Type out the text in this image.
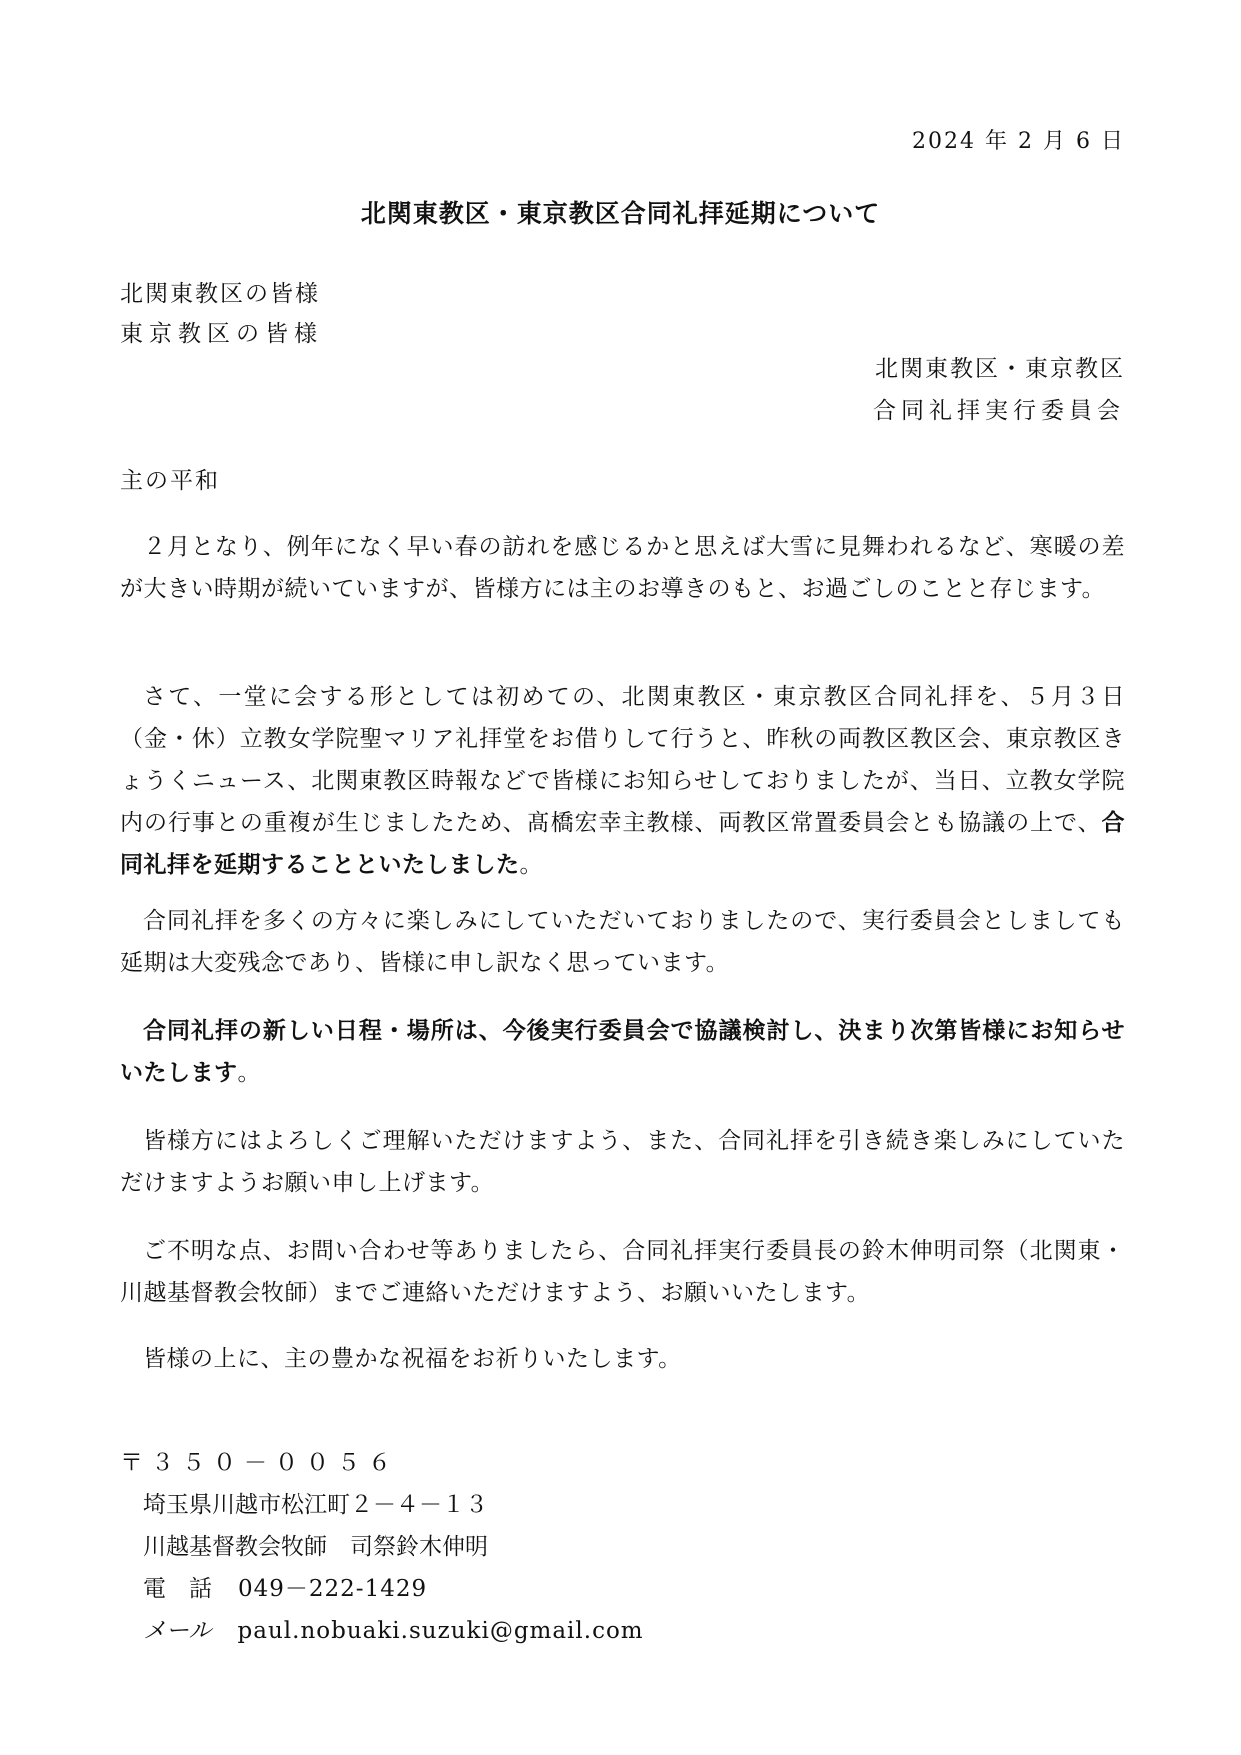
2024 年 2 月 6 日
北関東教区・東京教区合同礼拝延期について
北関東教区の皆様
東京教区の皆様
北関東教区・東京教区
合同礼拝実行委員会
主の平和
２月となり、例年になく早い春の訪れを感じるかと思えば大雪に見舞われるなど、寒暖の差が大きい時期が続いていますが、皆様方には主のお導きのもと、お過ごしのことと存じます。
さて、一堂に会する形としては初めての、北関東教区・東京教区合同礼拝を、５月３日（金・休）立教女学院聖マリア礼拝堂をお借りして行うと、昨秋の両教区教区会、東京教区きょうくニュース、北関東教区時報などで皆様にお知らせしておりましたが、当日、立教女学院内の行事との重複が生じましたため、髙橋宏幸主教様、両教区常置委員会とも協議の上で、合同礼拝を延期することといたしました。
合同礼拝を多くの方々に楽しみにしていただいておりましたので、実行委員会としましても延期は大変残念であり、皆様に申し訳なく思っています。
合同礼拝の新しい日程・場所は、今後実行委員会で協議検討し、決まり次第皆様にお知らせいたします。
皆様方にはよろしくご理解いただけますよう、また、合同礼拝を引き続き楽しみにしていただけますようお願い申し上げます。
ご不明な点、お問い合わせ等ありましたら、合同礼拝実行委員長の鈴木伸明司祭（北関東・川越基督教会牧師）までご連絡いただけますよう、お願いいたします。
皆様の上に、主の豊かな祝福をお祈りいたします。
〒３５０－００５６
埼玉県川越市松江町２－４－１３
川越基督教会牧師　司祭鈴木伸明
電　話 049－222-1429
メール paul.nobuaki.suzuki@gmail.com
